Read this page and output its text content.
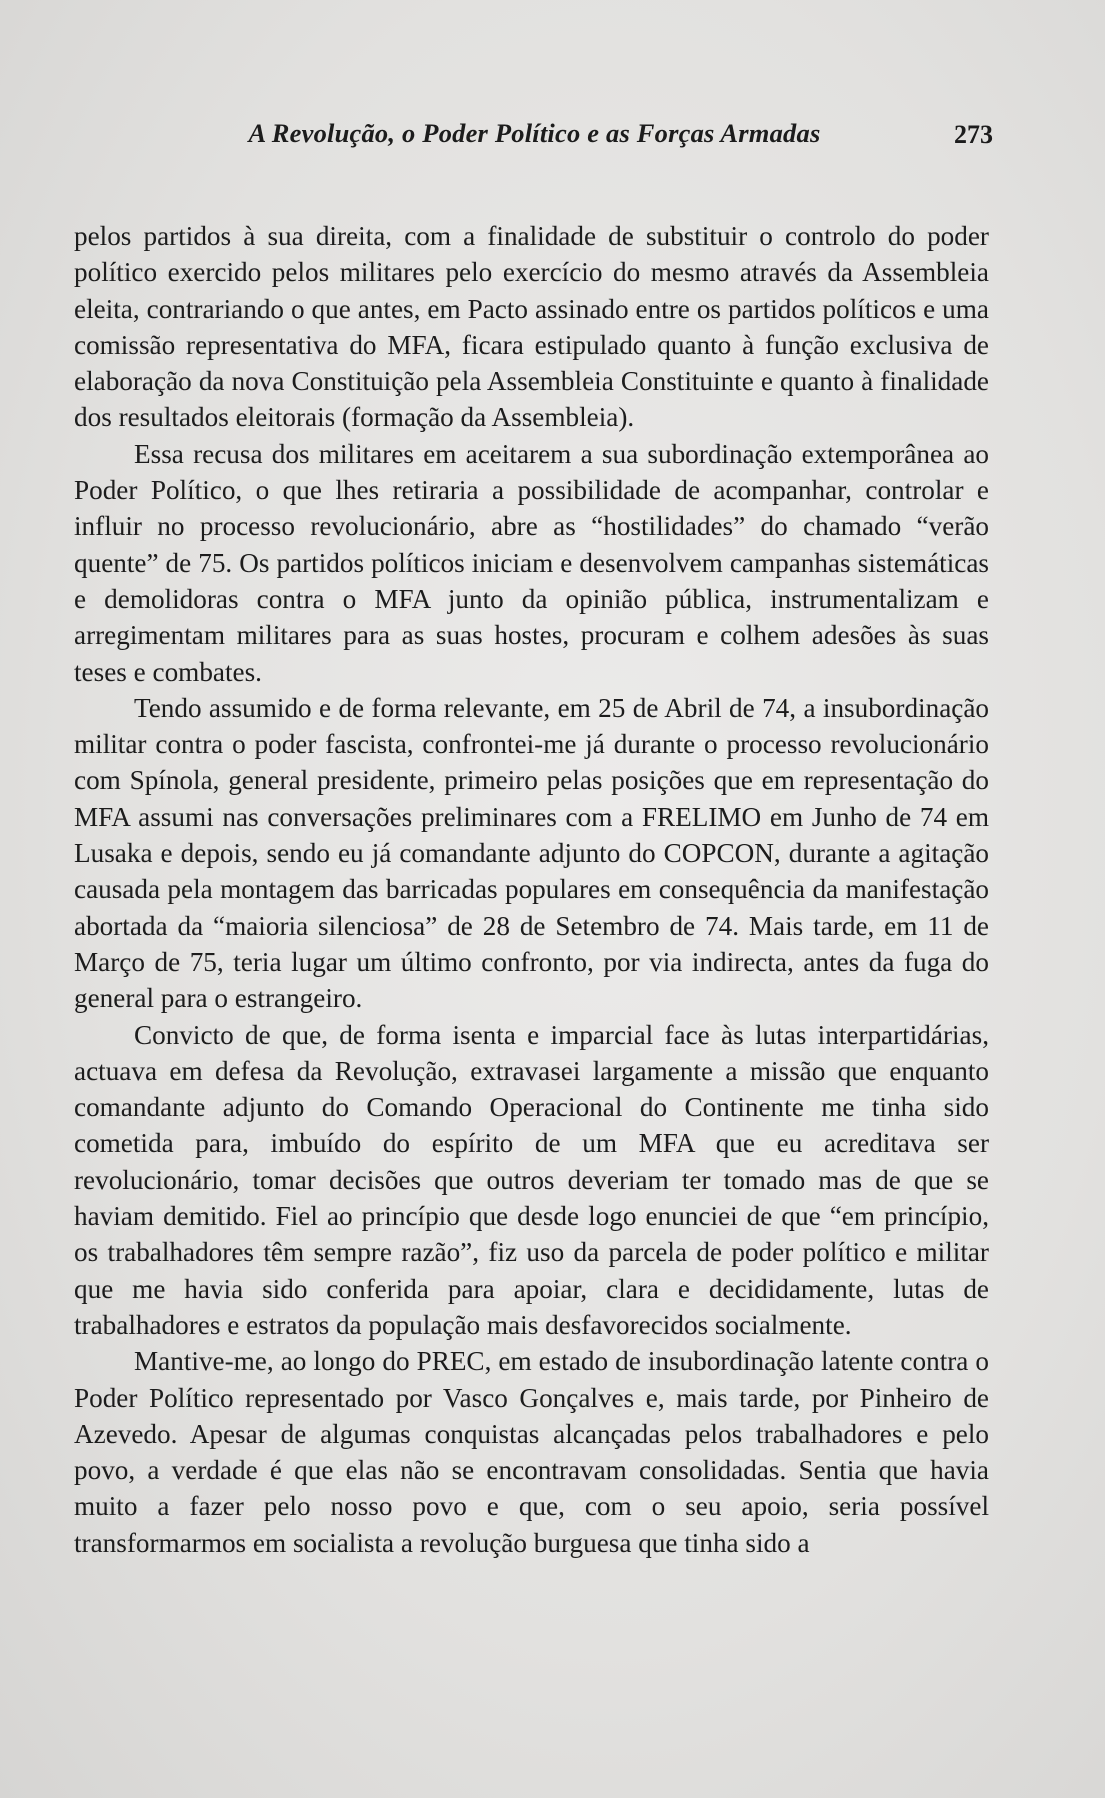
A Revolução, o Poder Político e as Forças Armadas	273

pelos partidos à sua direita, com a finalidade de substituir o controlo do poder político exercido pelos militares pelo exercício do mesmo através da Assembleia eleita, contrariando o que antes, em Pacto assinado entre os partidos políticos e uma comissão representativa do MFA, ficara estipulado quanto à função exclusiva de elaboração da nova Constituição pela Assembleia Constituinte e quanto à finalidade dos resultados eleitorais (formação da Assembleia).

Essa recusa dos militares em aceitarem a sua subordinação extemporânea ao Poder Político, o que lhes retiraria a possibilidade de acompanhar, controlar e influir no processo revolucionário, abre as “hostilidades” do chamado “verão quente” de 75. Os partidos políticos iniciam e desenvolvem campanhas sistemáticas e demolidoras contra o MFA junto da opinião pública, instrumentalizam e arregimentam militares para as suas hostes, procuram e colhem adesões às suas teses e combates.

Tendo assumido e de forma relevante, em 25 de Abril de 74, a insubordinação militar contra o poder fascista, confrontei-me já durante o processo revolucionário com Spínola, general presidente, primeiro pelas posições que em representação do MFA assumi nas conversações preliminares com a FRELIMO em Junho de 74 em Lusaka e depois, sendo eu já comandante adjunto do COPCON, durante a agitação causada pela montagem das barricadas populares em consequência da manifestação abortada da “maioria silenciosa” de 28 de Setembro de 74. Mais tarde, em 11 de Março de 75, teria lugar um último confronto, por via indirecta, antes da fuga do general para o estrangeiro.

Convicto de que, de forma isenta e imparcial face às lutas interpartidárias, actuava em defesa da Revolução, extravasei largamente a missão que enquanto comandante adjunto do Comando Operacional do Continente me tinha sido cometida para, imbuído do espírito de um MFA que eu acreditava ser revolucionário, tomar decisões que outros deveriam ter tomado mas de que se haviam demitido. Fiel ao princípio que desde logo enunciei de que “em princípio, os trabalhadores têm sempre razão”, fiz uso da parcela de poder político e militar que me havia sido conferida para apoiar, clara e decididamente, lutas de trabalhadores e estratos da população mais desfavorecidos socialmente.

Mantive-me, ao longo do PREC, em estado de insubordinação latente contra o Poder Político representado por Vasco Gonçalves e, mais tarde, por Pinheiro de Azevedo. Apesar de algumas conquistas alcançadas pelos trabalhadores e pelo povo, a verdade é que elas não se encontravam consolidadas. Sentia que havia muito a fazer pelo nosso povo e que, com o seu apoio, seria possível transformarmos em socialista a revolução burguesa que tinha sido a
